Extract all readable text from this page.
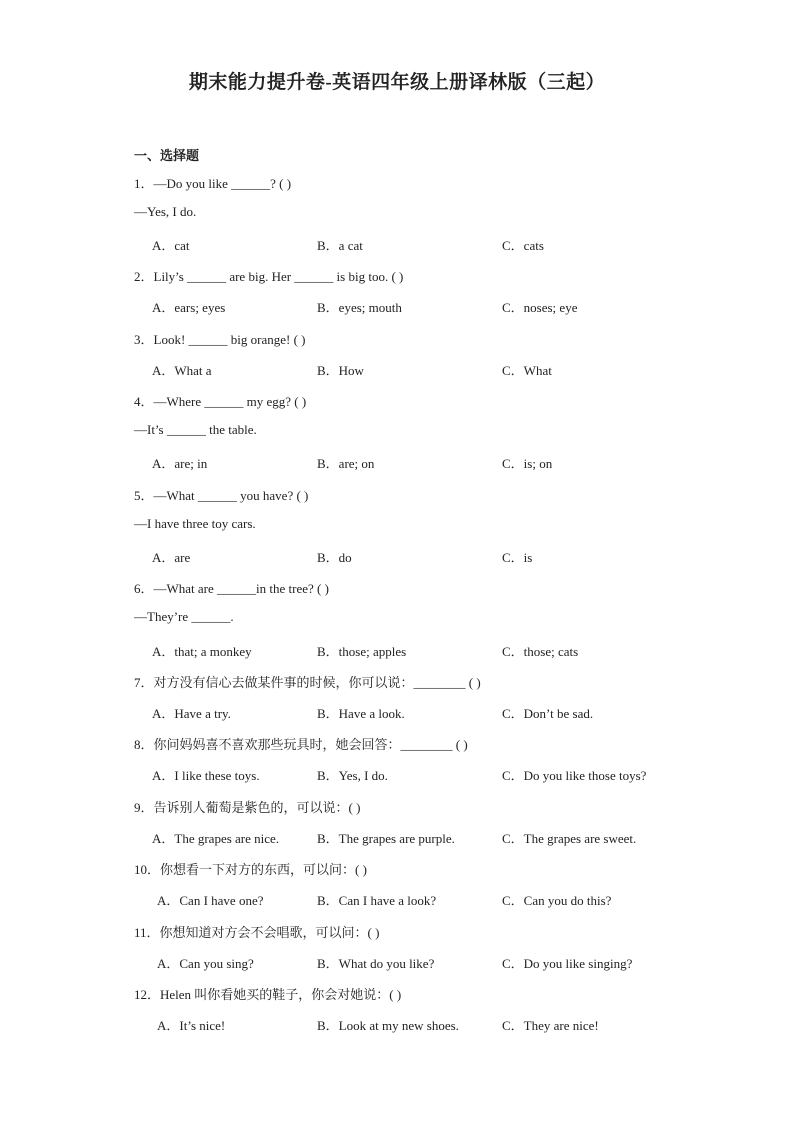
期末能力提升卷-英语四年级上册译林版（三起）
一、选择题
1．—Do you like ______? ( )
—Yes, I do.
A．cat	B．a cat	C．cats
2．Lily’s ______ are big. Her ______ is big too. ( )
A．ears; eyes	B．eyes; mouth	C．noses; eye
3．Look! ______ big orange! ( )
A．What a	B．How	C．What
4．—Where ______ my egg? ( )
—It’s ______ the table.
A．are; in	B．are; on	C．is; on
5．—What ______ you have? ( )
—I have three toy cars.
A．are	B．do	C．is
6．—What are ______in the tree? ( )
—They’re ______.
A．that; a monkey	B．those; apples	C．those; cats
7．对方没有信心去做某件事的时候，你可以说：________ ( )
A．Have a try.	B．Have a look.	C．Don’t be sad.
8．你问妈妈喜不喜欢那些玩具时，她会回答：________ ( )
A．I like these toys.	B．Yes, I do.	C．Do you like those toys?
9．告诉别人葡萄是紫色的，可以说：( )
A．The grapes are nice.	B．The grapes are purple.	C．The grapes are sweet.
10．你想看一下对方的东西，可以问：( )
A．Can I have one?	B．Can I have a look?	C．Can you do this?
11．你想知道对方会不会唱歌，可以问：( )
A．Can you sing?	B．What do you like?	C．Do you like singing?
12．Helen 叫你看她买的鞋子，你会对她说：( )
A．It’s nice!	B．Look at my new shoes.	C．They are nice!
